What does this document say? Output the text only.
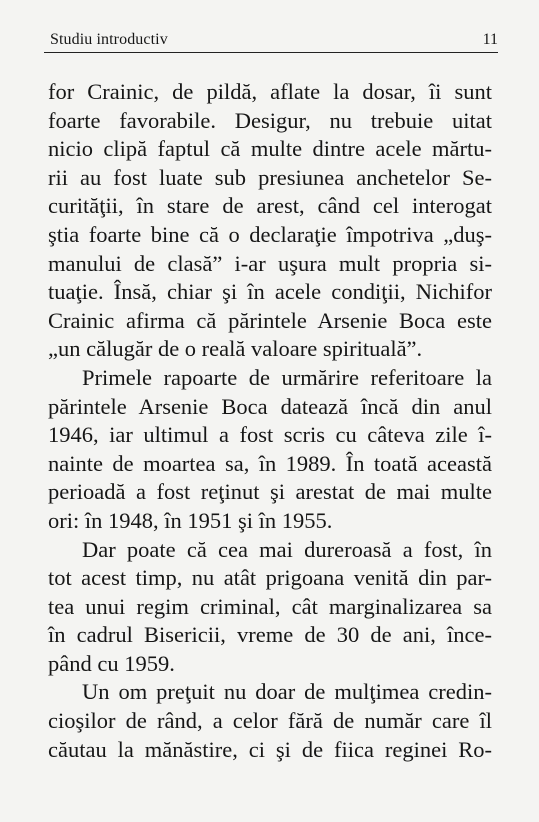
Studiu introductiv	11
for Crainic, de pildă, aflate la dosar, îi sunt
foarte favorabile. Desigur, nu trebuie uitat
nicio clipă faptul că multe dintre acele mărtu-
rii au fost luate sub presiunea anchetelor Se-
curităţii, în stare de arest, când cel interogat
ştia foarte bine că o declaraţie împotriva „duş-
manului de clasă” i-ar uşura mult propria si-
tuaţie. Însă, chiar şi în acele condiţii, Nichifor
Crainic afirma că părintele Arsenie Boca este
„un călugăr de o reală valoare spirituală”.
Primele rapoarte de urmărire referitoare la
părintele Arsenie Boca datează încă din anul
1946, iar ultimul a fost scris cu câteva zile î-
nainte de moartea sa, în 1989. În toată această
perioadă a fost reţinut şi arestat de mai multe
ori: în 1948, în 1951 şi în 1955.
Dar poate că cea mai dureroasă a fost, în
tot acest timp, nu atât prigoana venită din par-
tea unui regim criminal, cât marginalizarea sa
în cadrul Bisericii, vreme de 30 de ani, înce-
pând cu 1959.
Un om preţuit nu doar de mulţimea credin-
cioşilor de rând, a celor fără de număr care îl
căutau la mănăstire, ci şi de fiica reginei Ro-
